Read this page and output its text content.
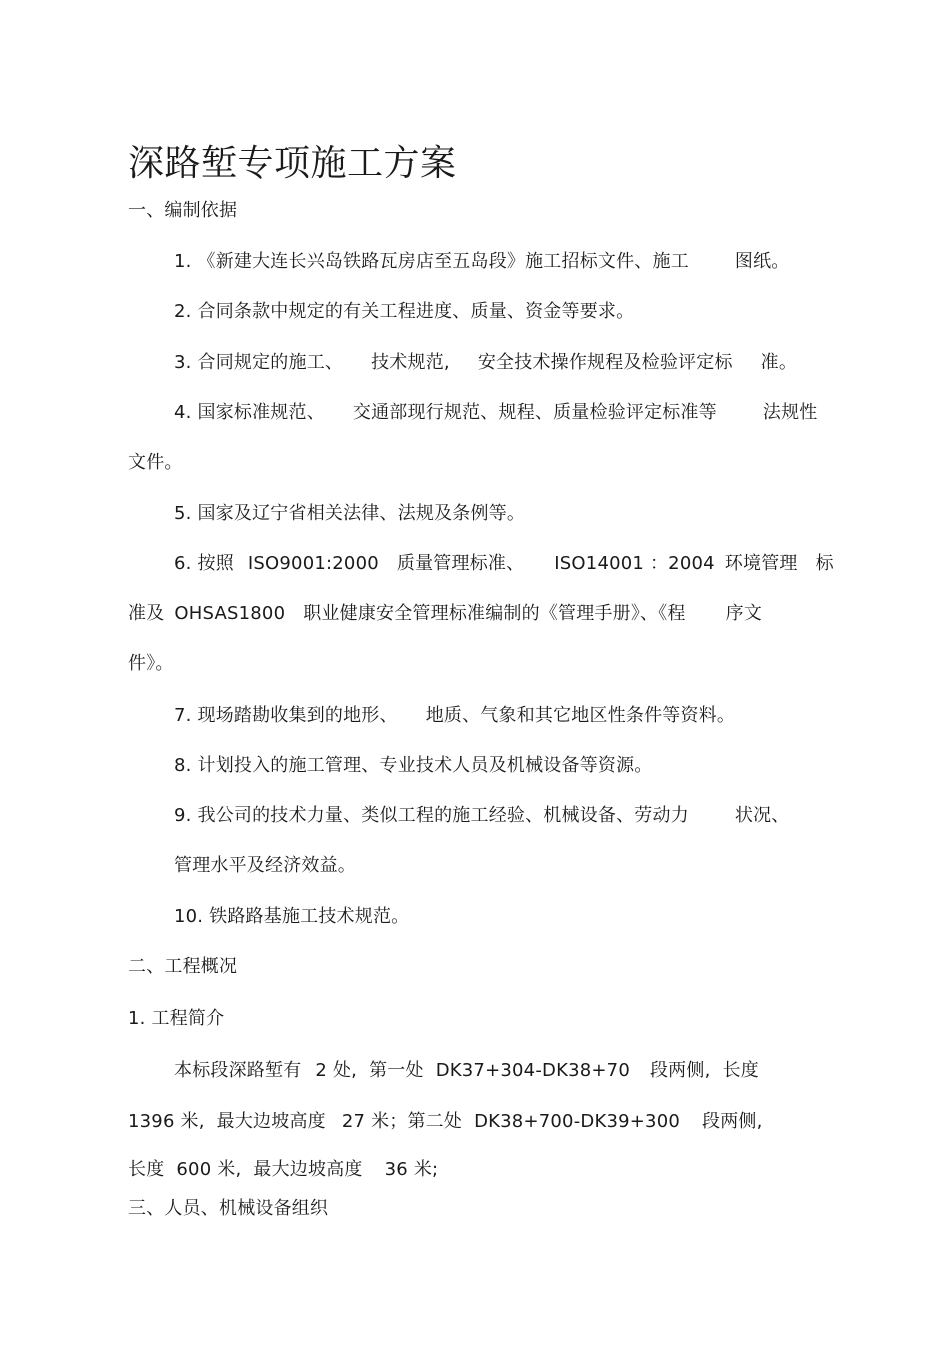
深路堑专项施工方案
一、编制依据
1. 《新建大连长兴岛铁路瓦房店至五岛段》施工招标文件、施工	图纸。
2. 合同条款中规定的有关工程进度、质量、资金等要求。
3. 合同规定的施工、 技术规范, 安全技术操作规程及检验评定标 准。
4. 国家标准规范、 交通部现行规范、规程、质量检验评定标准等	法规性
文件。
5. 国家及辽宁省相关法律、法规及条例等。
6. 按照 ISO9001:2000 质量管理标准、 ISO14001 ：2004 环境管理 标
准及 OHSAS1800 职业健康安全管理标准编制的《管理手册》、《程 序文
件》。
7. 现场踏勘收集到的地形、 地质、气象和其它地区性条件等资料。
8. 计划投入的施工管理、专业技术人员及机械设备等资源。
9. 我公司的技术力量、类似工程的施工经验、机械设备、劳动力	状况、
管理水平及经济效益。
10. 铁路路基施工技术规范。
二、工程概况
1. 工程简介
本标段深路堑有 2 处, 第一处 DK37+304-DK38+70 段两侧, 长度
1396 米, 最大边坡高度 27 米；第二处 DK38+700-DK39+300 段两侧,
长度 600 米, 最大边坡高度 36 米;
三、人员、机械设备组织
